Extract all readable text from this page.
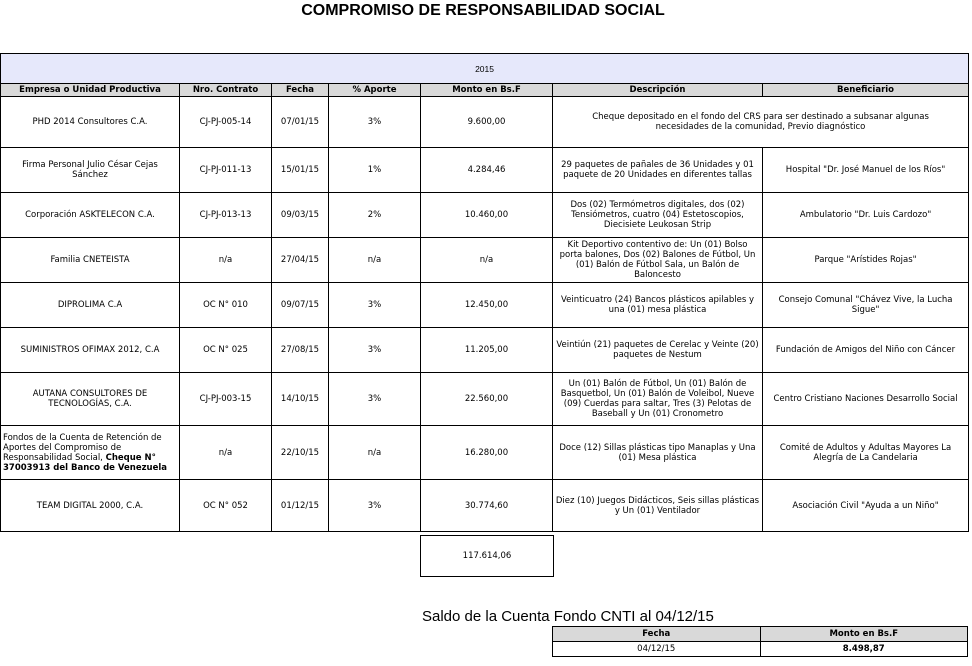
COMPROMISO DE RESPONSABILIDAD SOCIAL
2015						
Empresa o Unidad Productiva	Nro. Contrato	Fecha	% Aporte	Monto en Bs.F	Descripción	Beneficiario
PHD 2014 Consultores C.A.	CJ-PJ-005-14	07/01/15	3%	9.600,00	Cheque depositado en el fondo del CRS para ser destinado a subsanar algunas necesidades de la comunidad, Previo diagnóstico	
Firma Personal Julio César Cejas Sánchez	CJ-PJ-011-13	15/01/15	1%	4.284,46	29 paquetes de pañales de 36 Unidades y 01 paquete de 20 Unidades en diferentes tallas	Hospital "Dr. José Manuel de los Ríos"
Corporación ASKTELECON C.A.	CJ-PJ-013-13	09/03/15	2%	10.460,00	Dos (02) Termómetros digitales, dos (02) Tensiómetros, cuatro (04) Estetoscopios, Diecisiete Leukosan Strip	Ambulatorio "Dr. Luis Cardozo"
Familia CNETEISTA	n/a	27/04/15	n/a	n/a	Kit Deportivo contentivo de: Un (01) Bolso porta balones, Dos (02) Balones de Fútbol, Un (01) Balón de Fútbol Sala, un Balón de Baloncesto	Parque "Arístides Rojas"
DIPROLIMA C.A	OC N° 010	09/07/15	3%	12.450,00	Veinticuatro (24) Bancos plásticos apilables y una (01) mesa plástica	Consejo Comunal "Chávez Vive, la Lucha Sigue"
SUMINISTROS OFIMAX 2012, C.A	OC N° 025	27/08/15	3%	11.205,00	Veintiún (21) paquetes de Cerelac y Veinte (20) paquetes de Nestum	Fundación de Amigos del Niño con Cáncer
AUTANA CONSULTORES DE TECNOLOGÍAS, C.A.	CJ-PJ-003-15	14/10/15	3%	22.560,00	Un (01) Balón de Fútbol, Un (01) Balón de Basquetbol, Un (01) Balón de Voleibol, Nueve (09) Cuerdas para saltar, Tres (3) Pelotas de Baseball y Un (01) Cronometro	Centro Cristiano Naciones Desarrollo Social
Fondos de la Cuenta de Retención de Aportes del Compromiso de Responsabilidad Social, Cheque N° 37003913 del Banco de Venezuela	n/a	22/10/15	n/a	16.280,00	Doce (12) Sillas plásticas tipo Manaplas y Una (01) Mesa plástica	Comité de Adultos y Adultas Mayores La Alegría de La Candelaria
TEAM DIGITAL 2000, C.A.	OC N° 052	01/12/15	3%	30.774,60	Diez (10) Juegos Didácticos, Seis sillas plásticas y Un (01) Ventilador	Asociación Civil "Ayuda a un Niño"
117.614,06
Saldo de la Cuenta Fondo CNTI al 04/12/15
Fecha	Monto en Bs.F
04/12/15	8.498,87
